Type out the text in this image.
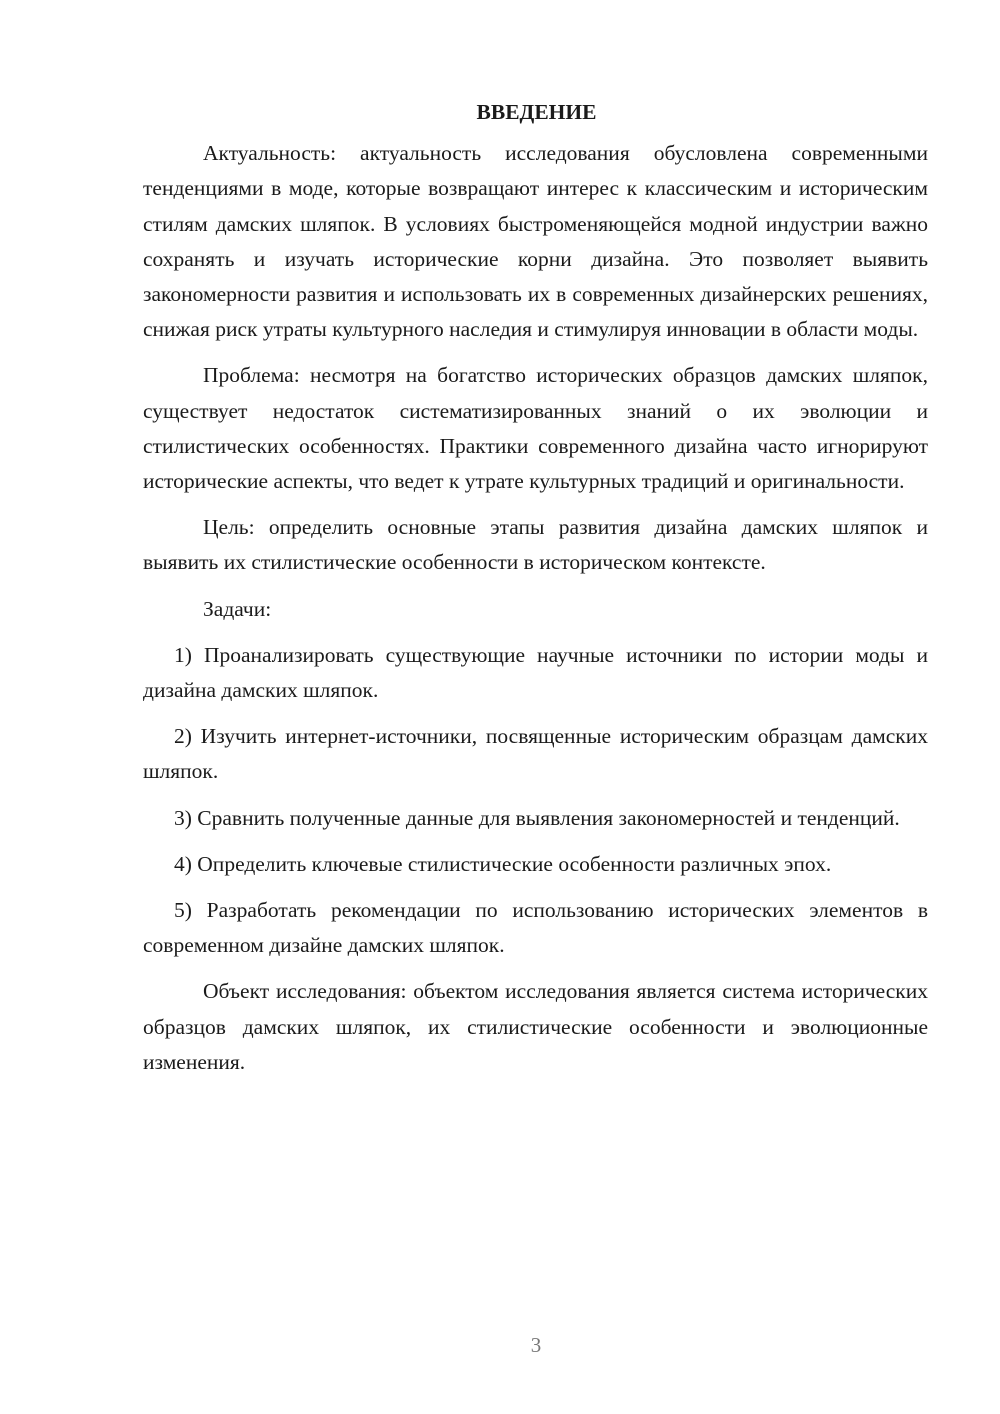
ВВЕДЕНИЕ

Актуальность: актуальность исследования обусловлена современными тенденциями в моде, которые возвращают интерес к классическим и историческим стилям дамских шляпок. В условиях быстроменяющейся модной индустрии важно сохранять и изучать исторические корни дизайна. Это позволяет выявить закономерности развития и использовать их в современных дизайнерских решениях, снижая риск утраты культурного наследия и стимулируя инновации в области моды.

Проблема: несмотря на богатство исторических образцов дамских шляпок, существует недостаток систематизированных знаний о их эволюции и стилистических особенностях. Практики современного дизайна часто игнорируют исторические аспекты, что ведет к утрате культурных традиций и оригинальности.

Цель: определить основные этапы развития дизайна дамских шляпок и выявить их стилистические особенности в историческом контексте.

Задачи:

1) Проанализировать существующие научные источники по истории моды и дизайна дамских шляпок.

2) Изучить интернет-источники, посвященные историческим образцам дамских шляпок.

3) Сравнить полученные данные для выявления закономерностей и тенденций.

4) Определить ключевые стилистические особенности различных эпох.

5) Разработать рекомендации по использованию исторических элементов в современном дизайне дамских шляпок.

Объект исследования: объектом исследования является система исторических образцов дамских шляпок, их стилистические особенности и эволюционные изменения.

3
